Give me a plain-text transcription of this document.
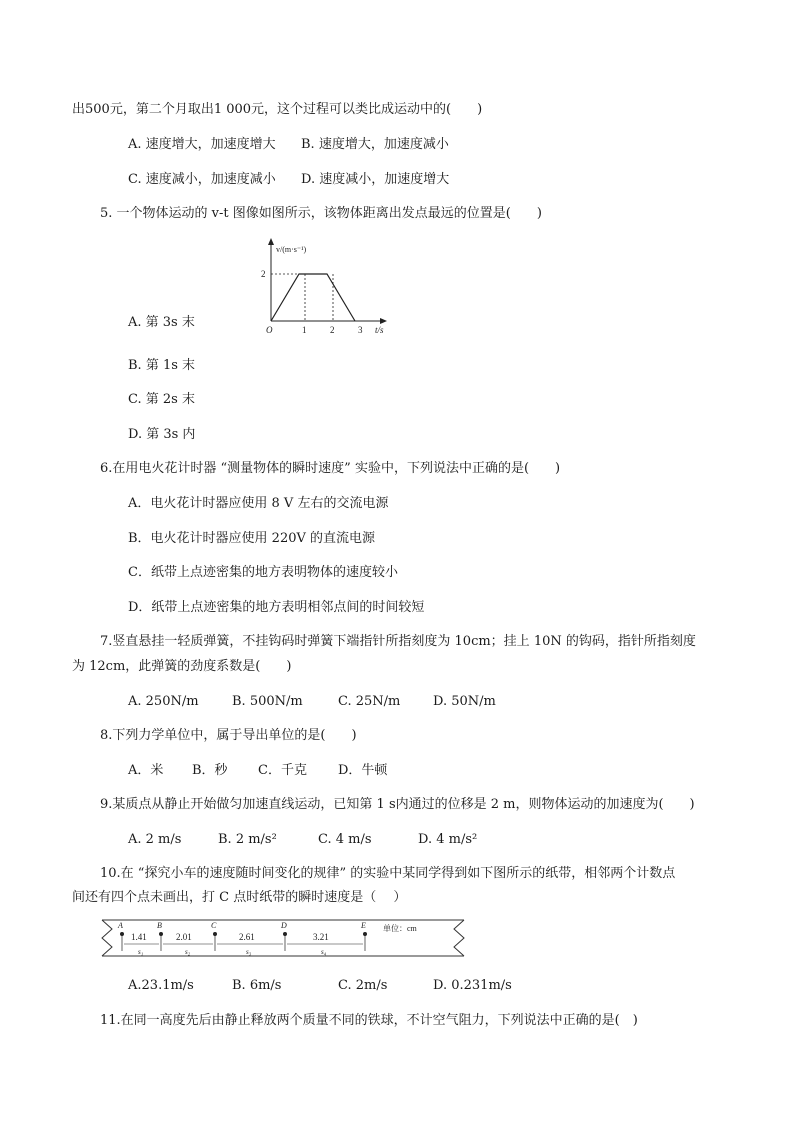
出500元，第二个月取出1 000元，这个过程可以类比成运动中的(　　)
A. 速度增大，加速度增大 B. 速度增大，加速度减小
C. 速度减小，加速度减小 D. 速度减小，加速度增大
5. 一个物体运动的 v-t 图像如图所示，该物体距离出发点最远的位置是(　　)
v/(m·s⁻¹)
2
O	1	2	3 t/s
A. 第 3s 末
B. 第 1s 末
C. 第 2s 末
D. 第 3s 内
6.在用电火花计时器 “测量物体的瞬时速度” 实验中，下列说法中正确的是(　　)
A．电火花计时器应使用 8 V 左右的交流电源
B．电火花计时器应使用 220V 的直流电源
C．纸带上点迹密集的地方表明物体的速度较小
D．纸带上点迹密集的地方表明相邻点间的时间较短
7.竖直悬挂一轻质弹簧，不挂钩码时弹簧下端指针所指刻度为 10cm；挂上 10N 的钩码，指针所指刻度
为 12cm，此弹簧的劲度系数是(　　)
A. 250N/m	B. 500N/m	C. 25N/m	D. 50N/m
8.下列力学单位中，属于导出单位的是(　　)
A．米 B．秒 C．千克 D．牛顿
9.某质点从静止开始做匀加速直线运动，已知第 1 s内通过的位移是 2 m，则物体运动的加速度为(　　)
A. 2 m/s	B. 2 m/s²	C. 4 m/s	D. 4 m/s²
10.在 “探究小车的速度随时间变化的规律” 的实验中某同学得到如下图所示的纸带，相邻两个计数点
间还有四个点未画出，打 C 点时纸带的瞬时速度是（　 ）
A	B	C	D	E
1.41	2.01	2.61	3.21
s₁	s₂	s₃	s₄
单位：cm
A.23.1m/s	B. 6m/s	C. 2m/s	D. 0.231m/s
11.在同一高度先后由静止释放两个质量不同的铁球，不计空气阻力，下列说法中正确的是(　)
